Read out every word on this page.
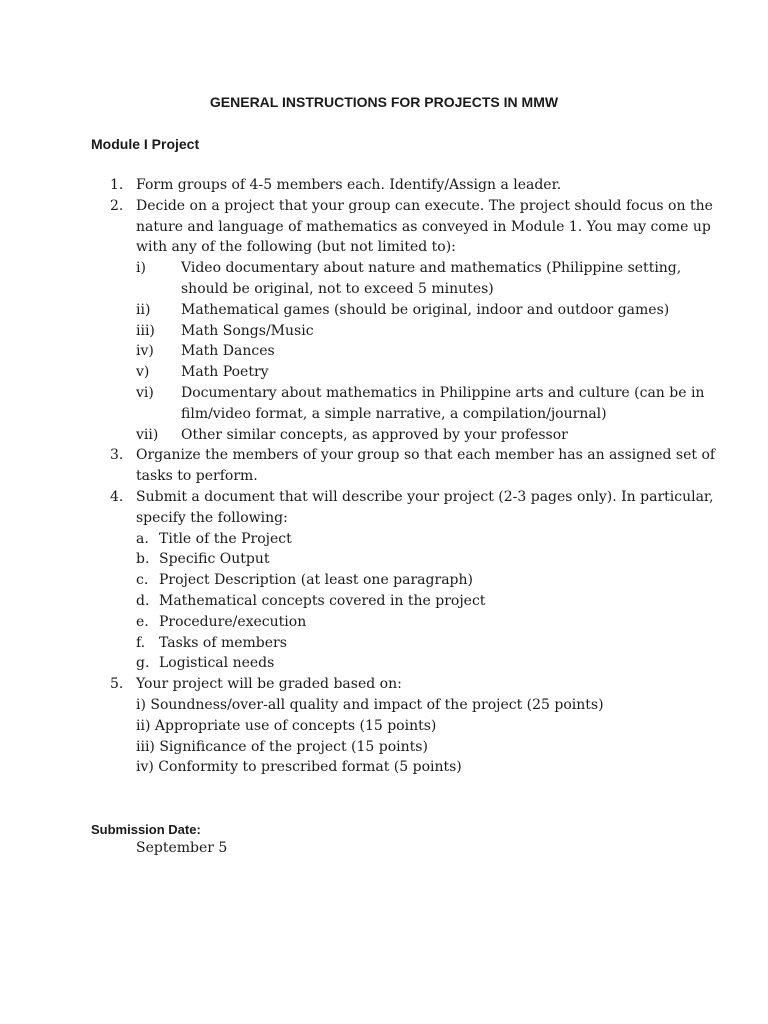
GENERAL INSTRUCTIONS FOR PROJECTS IN MMW
Module I Project
1. Form groups of 4-5 members each. Identify/Assign a leader.
2. Decide on a project that your group can execute. The project should focus on the
nature and language of mathematics as conveyed in Module 1. You may come up
with any of the following (but not limited to):
i)	Video documentary about nature and mathematics (Philippine setting,
should be original, not to exceed 5 minutes)
ii) Mathematical games (should be original, indoor and outdoor games)
iii) Math Songs/Music
iv) Math Dances
v) Math Poetry
vi) Documentary about mathematics in Philippine arts and culture (can be in
film/video format, a simple narrative, a compilation/journal)
vii) Other similar concepts, as approved by your professor
3. Organize the members of your group so that each member has an assigned set of
tasks to perform.
4. Submit a document that will describe your project (2-3 pages only). In particular,
specify the following:
a. Title of the Project
b. Specific Output
c. Project Description (at least one paragraph)
d. Mathematical concepts covered in the project
e. Procedure/execution
f. Tasks of members
g. Logistical needs
5. Your project will be graded based on:
i) Soundness/over-all quality and impact of the project (25 points)
ii) Appropriate use of concepts (15 points)
iii) Significance of the project (15 points)
iv) Conformity to prescribed format (5 points)
Submission Date:
September 5
